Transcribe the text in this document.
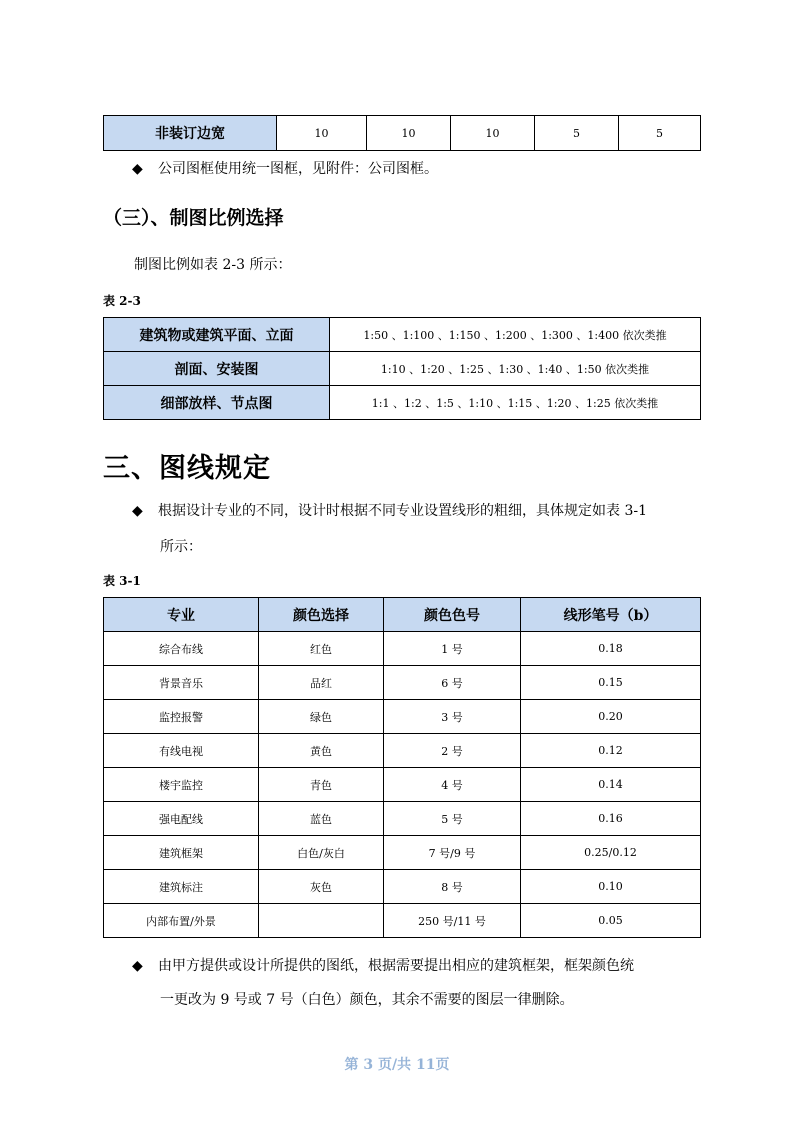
非装订边宽	10	10	10	5	5
◆ 公司图框使用统一图框，见附件：公司图框。
（三）、制图比例选择
制图比例如表 2-3 所示：
表 2-3
建筑物或建筑平面、立面	1:50 、1:100 、1:150 、1:200 、1:300 、1:400 依次类推
剖面、安装图	1:10 、1:20 、1:25 、1:30 、1:40 、1:50 依次类推
细部放样、节点图	1:1 、1:2 、1:5 、1:10 、1:15 、1:20 、1:25 依次类推
三、图线规定
◆ 根据设计专业的不同，设计时根据不同专业设置线形的粗细，具体规定如表 3-1
所示：
表 3-1
专业	颜色选择	颜色色号	线形笔号（b）
综合布线	红色	1 号	0.18
背景音乐	品红	6 号	0.15
监控报警	绿色	3 号	0.20
有线电视	黄色	2 号	0.12
楼宇监控	青色	4 号	0.14
强电配线	蓝色	5 号	0.16
建筑框架	白色/灰白	7 号/9 号	0.25/0.12
建筑标注	灰色	8 号	0.10
内部布置/外景		250 号/11 号	0.05
◆ 由甲方提供或设计所提供的图纸，根据需要提出相应的建筑框架，框架颜色统
一更改为 9 号或 7 号（白色）颜色，其余不需要的图层一律删除。
第 3 页/共 11页
